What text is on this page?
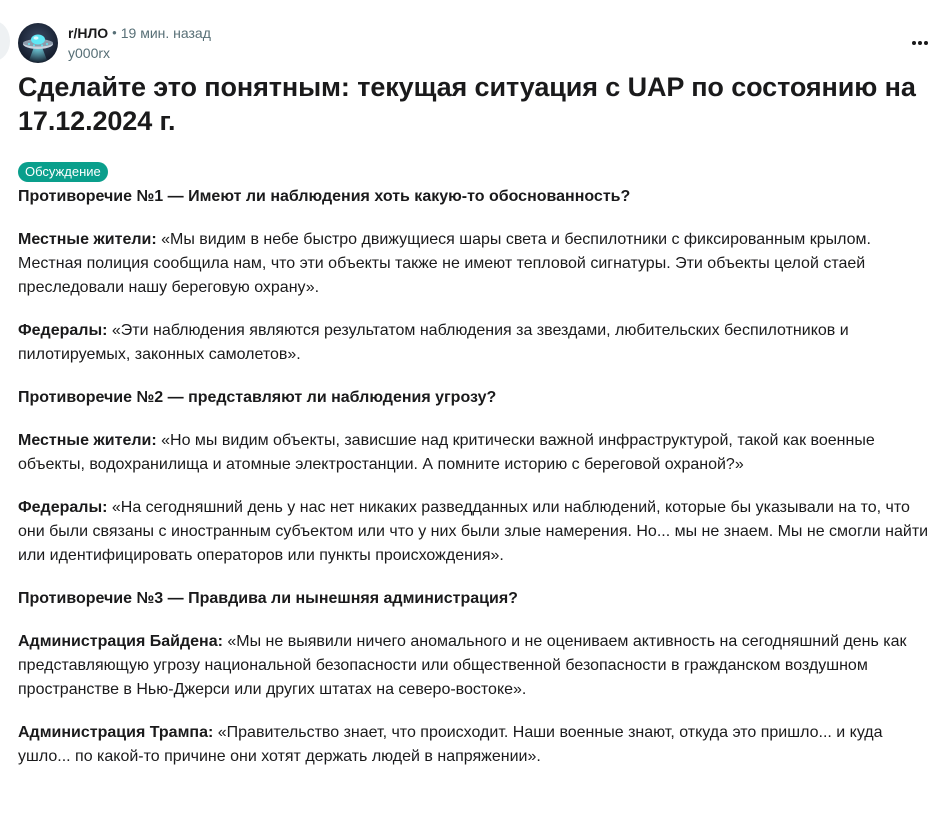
r/НЛО • 19 мин. назад
y000rx
Сделайте это понятным: текущая ситуация с UAP по состоянию на 17.12.2024 г.
Обсуждение

Противоречие №1 — Имеют ли наблюдения хоть какую-то обоснованность?

Местные жители: «Мы видим в небе быстро движущиеся шары света и беспилотники с фиксированным крылом. Местная полиция сообщила нам, что эти объекты также не имеют тепловой сигнатуры. Эти объекты целой стаей преследовали нашу береговую охрану».

Федералы: «Эти наблюдения являются результатом наблюдения за звездами, любительских беспилотников и пилотируемых, законных самолетов».

Противоречие №2 — представляют ли наблюдения угрозу?

Местные жители: «Но мы видим объекты, зависшие над критически важной инфраструктурой, такой как военные объекты, водохранилища и атомные электростанции. А помните историю с береговой охраной?»

Федералы: «На сегодняшний день у нас нет никаких разведданных или наблюдений, которые бы указывали на то, что они были связаны с иностранным субъектом или что у них были злые намерения. Но... мы не знаем. Мы не смогли найти или идентифицировать операторов или пункты происхождения».

Противоречие №3 — Правдива ли нынешняя администрация?

Администрация Байдена: «Мы не выявили ничего аномального и не оцениваем активность на сегодняшний день как представляющую угрозу национальной безопасности или общественной безопасности в гражданском воздушном пространстве в Нью-Джерси или других штатах на северо-востоке».

Администрация Трампа: «Правительство знает, что происходит. Наши военные знают, откуда это пришло... и куда ушло... по какой-то причине они хотят держать людей в напряжении».
